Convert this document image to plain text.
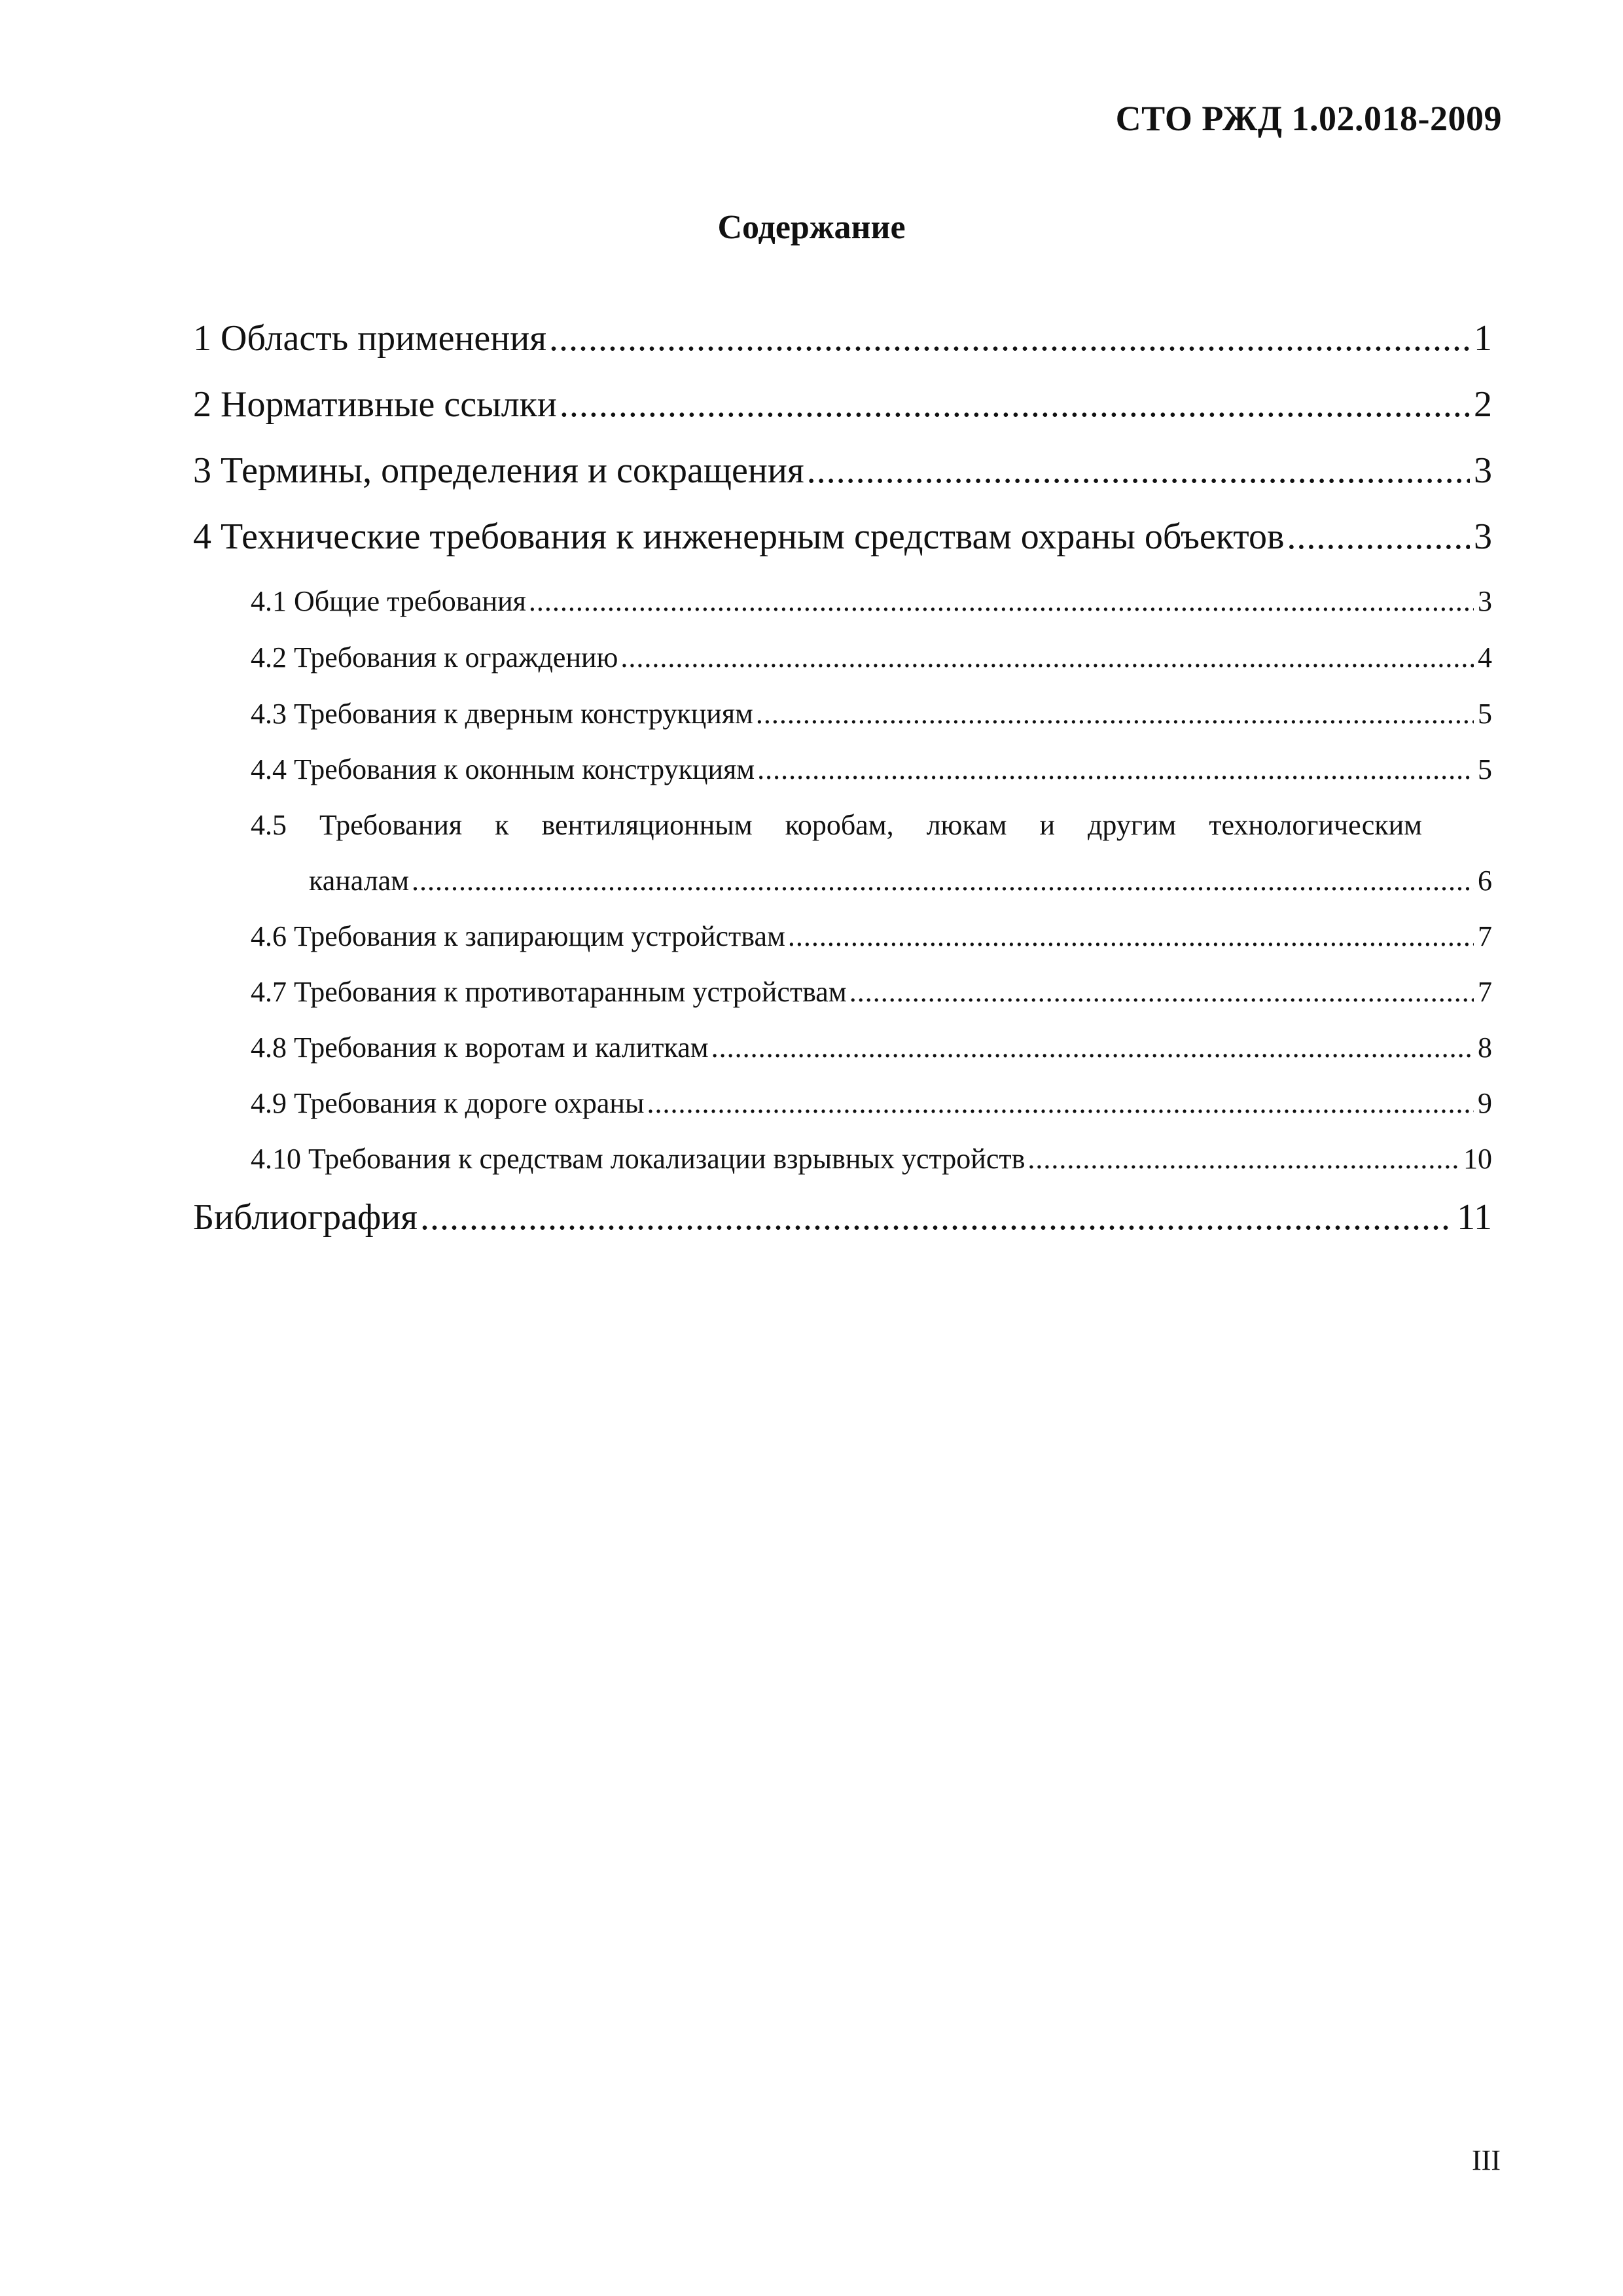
СТО РЖД 1.02.018-2009
Содержание
1 Область применения .....	1
2 Нормативные ссылки .....	2
3 Термины, определения и сокращения .....	3
4 Технические требования к инженерным средствам охраны объектов .....	3
4.1 Общие требования .....	3
4.2 Требования к ограждению .....	4
4.3 Требования к дверным конструкциям .....	5
4.4 Требования к оконным конструкциям .....	5
4.5 Требования к вентиляционным коробам, люкам и другим технологическим
каналам .....	6
4.6 Требования к запирающим устройствам .....	7
4.7 Требования к противотаранным устройствам .....	7
4.8 Требования к воротам и калиткам .....	8
4.9 Требования к дороге охраны .....	9
4.10 Требования к средствам локализации взрывных устройств .....	10
Библиография .....	11
III
